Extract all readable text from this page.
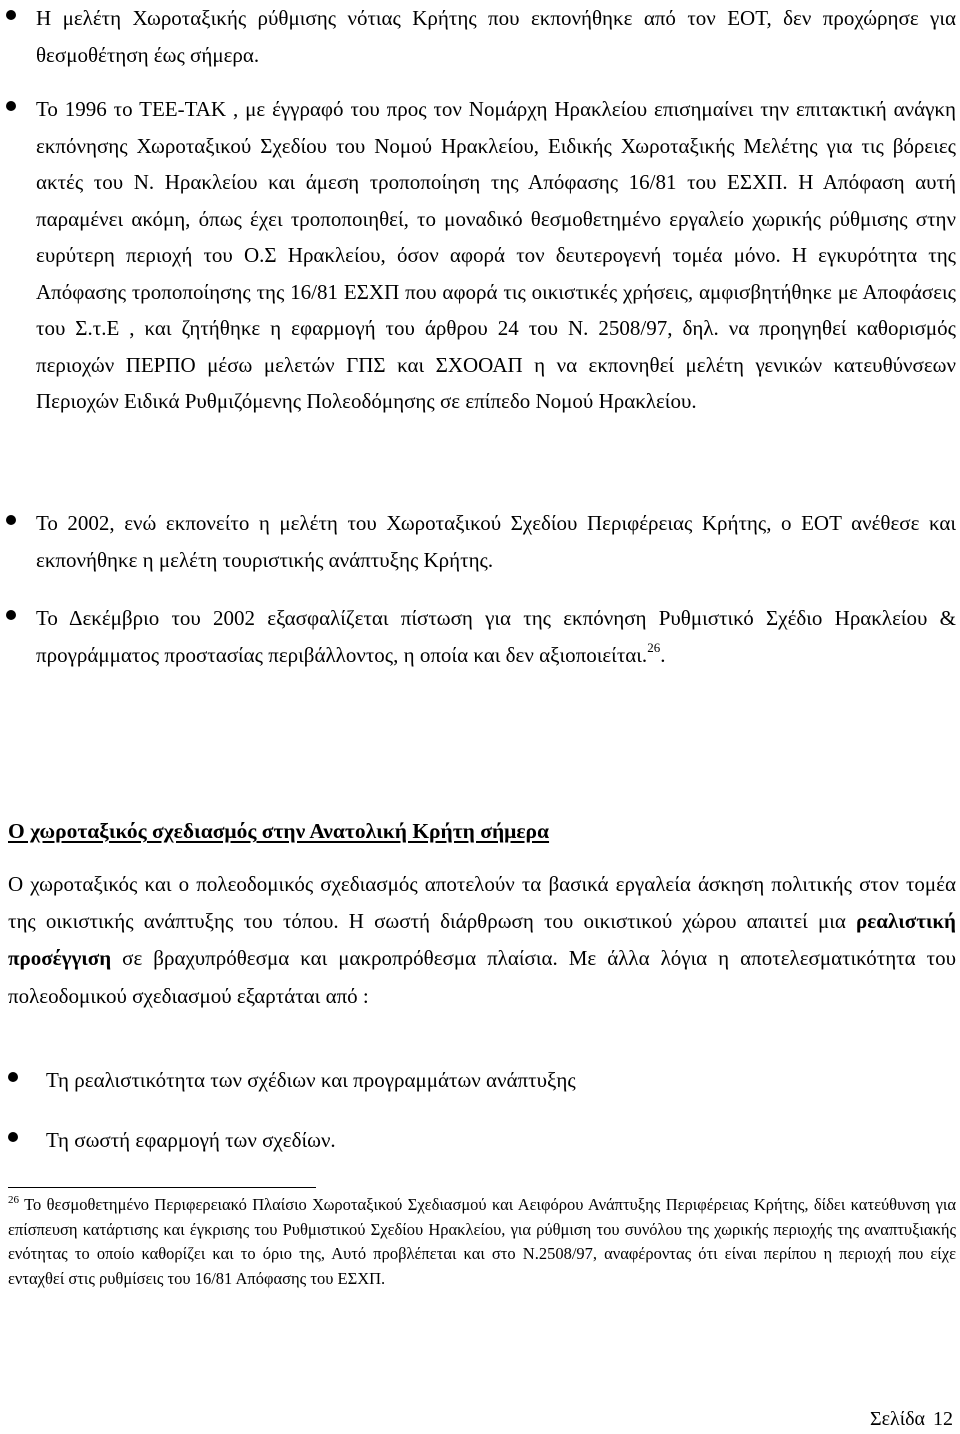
Η μελέτη Χωροταξικής ρύθμισης νότιας Κρήτης που εκπονήθηκε από τον ΕΟΤ, δεν προχώρησε για θεσμοθέτηση έως σήμερα.

Το 1996 το ΤΕΕ-ΤΑΚ , με έγγραφό του προς τον Νομάρχη Ηρακλείου επισημαίνει την επιτακτική ανάγκη εκπόνησης Χωροταξικού Σχεδίου του Νομού Ηρακλείου, Ειδικής Χωροταξικής Μελέτης για τις βόρειες ακτές του Ν. Ηρακλείου και άμεση τροποποίηση της Απόφασης 16/81 του ΕΣΧΠ. Η Απόφαση αυτή παραμένει ακόμη, όπως έχει τροποποιηθεί, το μοναδικό θεσμοθετημένο εργαλείο χωρικής ρύθμισης στην ευρύτερη περιοχή του Ο.Σ Ηρακλείου, όσον αφορά τον δευτερογενή τομέα μόνο. Η εγκυρότητα της Απόφασης τροποποίησης της 16/81 ΕΣΧΠ που αφορά τις οικιστικές χρήσεις, αμφισβητήθηκε με Αποφάσεις του Σ.τ.Ε , και ζητήθηκε η εφαρμογή του άρθρου 24 του Ν. 2508/97, δηλ. να προηγηθεί καθορισμός περιοχών ΠΕΡΠΟ μέσω μελετών ΓΠΣ και ΣΧΟΟΑΠ η να εκπονηθεί μελέτη γενικών κατευθύνσεων Περιοχών Ειδικά Ρυθμιζόμενης Πολεοδόμησης σε επίπεδο Νομού Ηρακλείου.

Το 2002, ενώ εκπονείτο η μελέτη του Χωροταξικού Σχεδίου Περιφέρειας Κρήτης, ο ΕΟΤ ανέθεσε και εκπονήθηκε η μελέτη τουριστικής ανάπτυξης Κρήτης.

Το Δεκέμβριο του 2002 εξασφαλίζεται πίστωση για της εκπόνηση Ρυθμιστικό Σχέδιο Ηρακλείου & προγράμματος προστασίας περιβάλλοντος, η οποία και δεν αξιοποιείται.$^{26}$.

Ο χωροταξικός σχεδιασμός στην Ανατολική Κρήτη σήμερα

Ο χωροταξικός και ο πολεοδομικός σχεδιασμός αποτελούν τα βασικά εργαλεία άσκηση πολιτικής στον τομέα της οικιστικής ανάπτυξης του τόπου. Η σωστή διάρθρωση του οικιστικού χώρου απαιτεί μια ρεαλιστική προσέγγιση σε βραχυπρόθεσμα και μακροπρόθεσμα πλαίσια. Με άλλα λόγια η αποτελεσματικότητα του πολεοδομικού σχεδιασμού εξαρτάται από :

Τη ρεαλιστικότητα των σχέδιων και προγραμμάτων ανάπτυξης

Τη σωστή εφαρμογή των σχεδίων.

$^{26}$ Το θεσμοθετημένο Περιφερειακό Πλαίσιο Χωροταξικού Σχεδιασμού και Αειφόρου Ανάπτυξης Περιφέρειας Κρήτης, δίδει κατεύθυνση για επίσπευση κατάρτισης και έγκρισης του Ρυθμιστικού Σχεδίου Ηρακλείου, για ρύθμιση του συνόλου της χωρικής περιοχής της αναπτυξιακής ενότητας το οποίο καθορίζει και το όριο της, Αυτό προβλέπεται και στο Ν.2508/97, αναφέροντας ότι είναι περίπου η περιοχή που είχε ενταχθεί στις ρυθμίσεις του 16/81 Απόφασης του ΕΣΧΠ.

Σελίδα 12
